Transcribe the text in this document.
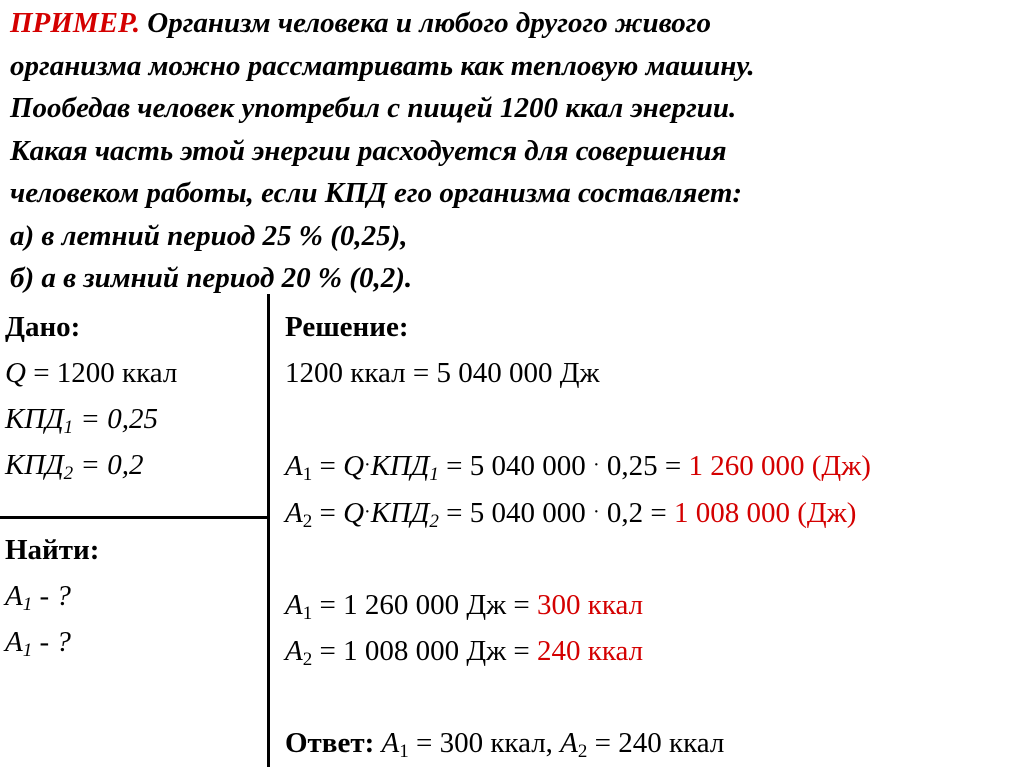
ПРИМЕР. Организм человека и любого другого живого
организма можно рассматривать как тепловую машину.
Пообедав человек употребил с пищей 1200 ккал энергии.
Какая часть этой энергии расходуется для совершения
человеком работы, если КПД его организма составляет:
а) в летний период 25 % (0,25),
б) а в зимний период 20 % (0,2).
Дано:
Q = 1200 ккал
$КПД_1 = 0,25$
$КПД_2 = 0,2$
Найти:
$A_1$ - ?
$A_1$ - ?
Решение:
1200 ккал = 5 040 000 Дж
$A_1 = Q\cdot КПД_1 = 5$ 040 000 · 0,25 = 1 260 000 (Дж)
$A_2 = Q\cdot КПД_2 = 5$ 040 000 · 0,2 = 1 008 000 (Дж)
$A_1 = 1$ 260 000 Дж = 300 ккал
$A_2 = 1$ 008 000 Дж = 240 ккал
Ответ: $A_1 = 300$ ккал, $A_2 = 240$ ккал
